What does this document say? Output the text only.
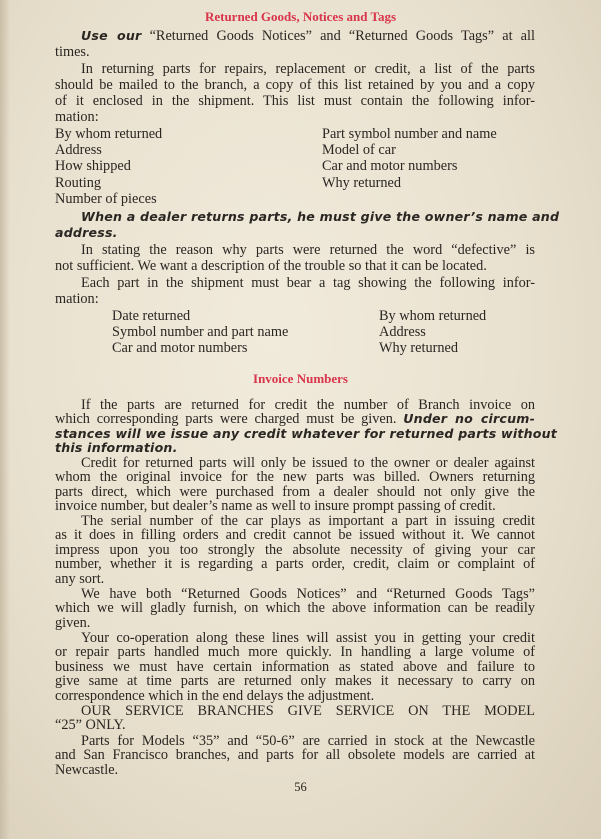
Returned Goods, Notices and Tags
Use our “Returned Goods Notices” and “Returned Goods Tags” at all
times.
In returning parts for repairs, replacement or credit, a list of the parts
should be mailed to the branch, a copy of this list retained by you and a copy
of it enclosed in the shipment. This list must contain the following infor-
mation:
By whom returned
Address
How shipped
Routing
Number of pieces
Part symbol number and name
Model of car
Car and motor numbers
Why returned
When a dealer returns parts, he must give the owner’s name and
address.
In stating the reason why parts were returned the word “defective” is
not sufficient. We want a description of the trouble so that it can be located.
Each part in the shipment must bear a tag showing the following infor-
mation:
Date returned
Symbol number and part name
Car and motor numbers
By whom returned
Address
Why returned
Invoice Numbers
If the parts are returned for credit the number of Branch invoice on
which corresponding parts were charged must be given. Under no circum-
stances will we issue any credit whatever for returned parts without
this information.
Credit for returned parts will only be issued to the owner or dealer against
whom the original invoice for the new parts was billed. Owners returning
parts direct, which were purchased from a dealer should not only give the
invoice number, but dealer’s name as well to insure prompt passing of credit.
The serial number of the car plays as important a part in issuing credit
as it does in filling orders and credit cannot be issued without it. We cannot
impress upon you too strongly the absolute necessity of giving your car
number, whether it is regarding a parts order, credit, claim or complaint of
any sort.
We have both “Returned Goods Notices” and “Returned Goods Tags”
which we will gladly furnish, on which the above information can be readily
given.
Your co-operation along these lines will assist you in getting your credit
or repair parts handled much more quickly. In handling a large volume of
business we must have certain information as stated above and failure to
give same at time parts are returned only makes it necessary to carry on
correspondence which in the end delays the adjustment.
OUR SERVICE BRANCHES GIVE SERVICE ON THE MODEL
“25” ONLY.
Parts for Models “35” and “50-6” are carried in stock at the Newcastle
and San Francisco branches, and parts for all obsolete models are carried at
Newcastle.
56
